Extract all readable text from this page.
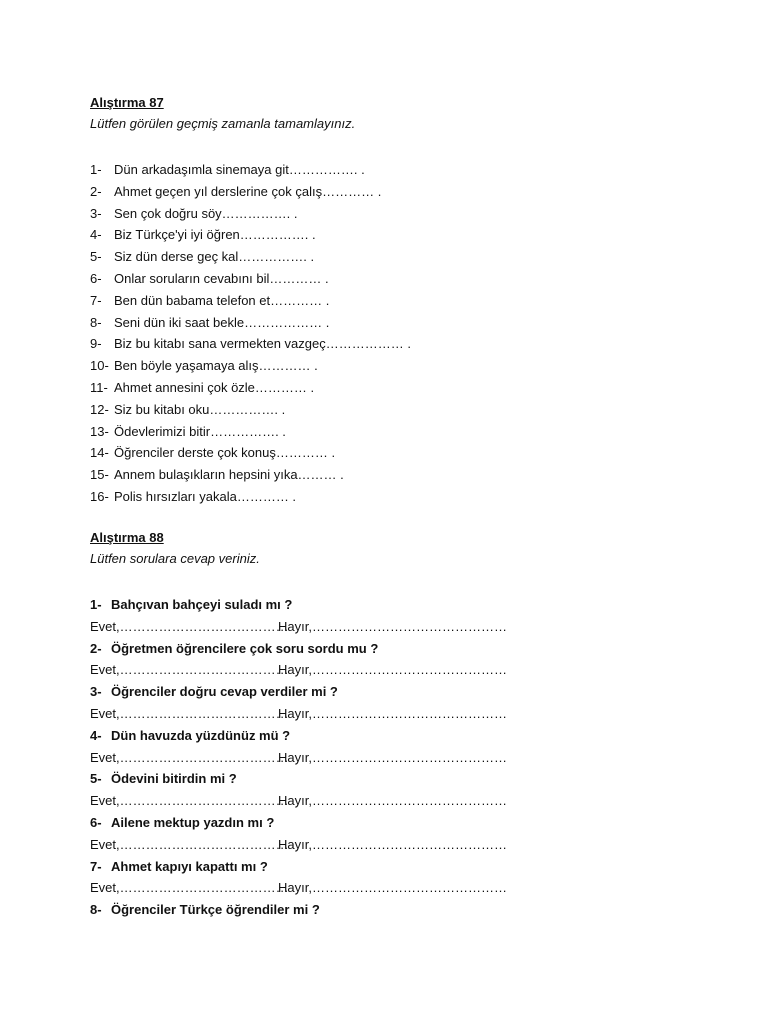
Alıştırma 87
Lütfen görülen geçmiş zamanla tamamlayınız.
1- Dün arkadaşımla sinemaya git……………. .
2- Ahmet geçen yıl derslerine çok çalış………… .
3- Sen çok doğru söy……………. .
4- Biz Türkçe'yi iyi öğren……………. .
5- Siz dün derse geç kal……………. .
6- Onlar soruların cevabını bil………… .
7- Ben dün babama telefon et………… .
8- Seni dün iki saat bekle……………… .
9- Biz bu kitabı sana vermekten vazgeç……………… .
10- Ben böyle yaşamaya alış………… .
11- Ahmet annesini çok özle………… .
12- Siz bu kitabı oku……………. .
13- Ödevlerimizi bitir……………. .
14- Öğrenciler derste çok konuş………… .
15- Annem bulaşıkların hepsini yıka……… .
16- Polis hırsızları yakala………… .
Alıştırma 88
Lütfen sorulara cevap veriniz.
1- Bahçıvan bahçeyi suladı mı ?
Evet,…………………………………
Hayır,………………………………………
2- Öğretmen öğrencilere çok soru sordu mu ?
Evet,…………………………………
Hayır,………………………………………
3- Öğrenciler doğru cevap verdiler mi ?
Evet,…………………………………
Hayır,………………………………………
4- Dün havuzda yüzdünüz mü ?
Evet,…………………………………
Hayır,………………………………………
5- Ödevini bitirdin mi ?
Evet,…………………………………
Hayır,………………………………………
6- Ailene mektup yazdın mı ?
Evet,…………………………………
Hayır,………………………………………
7- Ahmet kapıyı kapattı mı ?
Evet,…………………………………
Hayır,………………………………………
8- Öğrenciler Türkçe öğrendiler mi ?
